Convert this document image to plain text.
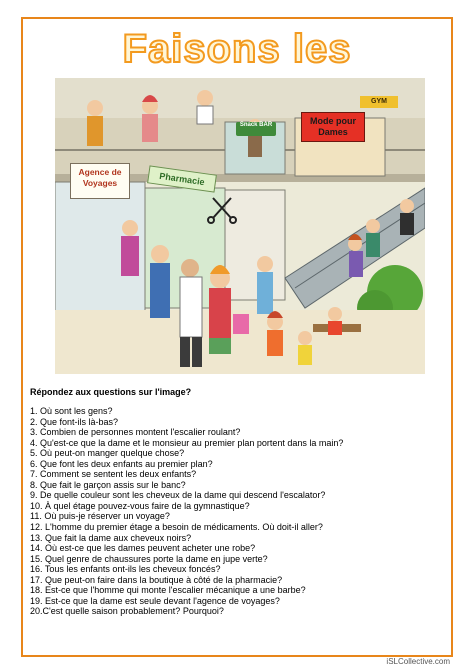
Faisons les
Agence de Voyages	Pharmacie
Mode pour Dames
GYM
Snack BAR
Répondez aux questions sur l'image?
1. Où sont les gens?
2. Que font-ils là-bas?
3. Combien de personnes montent l'escalier roulant?
4. Qu'est-ce que la dame et le monsieur au premier plan portent dans la main?
5. Où peut-on manger quelque chose?
6. Que font les deux enfants au premier plan?
7. Comment se sentent les deux enfants?
8. Que fait le garçon assis sur le banc?
9. De quelle couleur sont les cheveux de la dame qui descend l'escalator?
10. À quel étage pouvez-vous faire de la gymnastique?
11. Où puis-je réserver un voyage?
12. L'homme du premier étage a besoin de médicaments. Où doit-il aller?
13. Que fait la dame aux cheveux noirs?
14. Où est-ce que les dames peuvent acheter une robe?
15. Quel genre de chaussures porte la dame en jupe verte?
16. Tous les enfants ont-ils les cheveux foncés?
17. Que peut-on faire dans la boutique à côté de la pharmacie?
18. Est-ce que l'homme qui monte l'escalier mécanique a une barbe?
19. Est-ce que la dame est seule devant l'agence de voyages?
20.C'est quelle saison probablement? Pourquoi?
iSLCollective.com
